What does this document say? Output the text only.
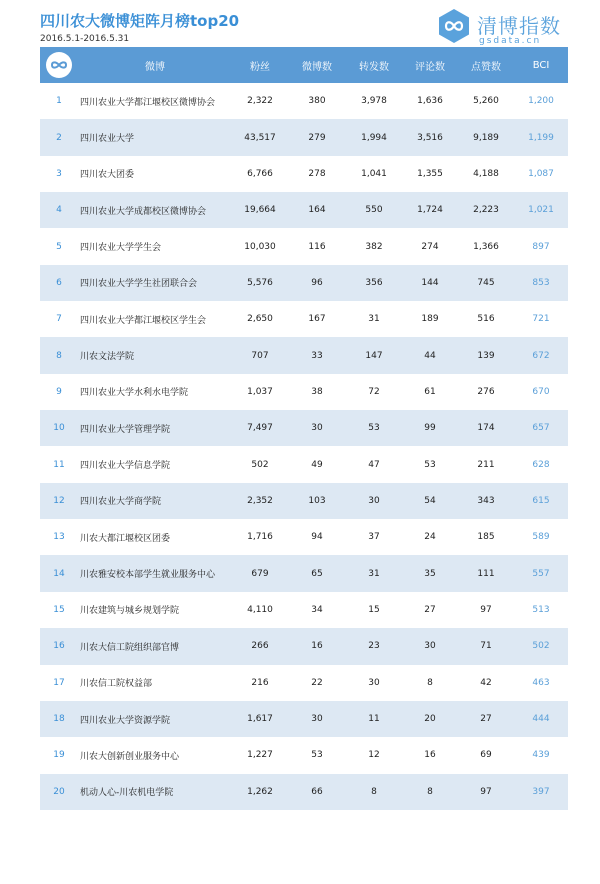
四川农大微博矩阵月榜top20
2016.5.1-2016.5.31
清博指数
gsdata.cn
	微博	粉丝	微博数	转发数	评论数	点赞数	BCI
1	四川农业大学都江堰校区微博协会	2,322	380	3,978	1,636	5,260	1,200
2	四川农业大学	43,517	279	1,994	3,516	9,189	1,199
3	四川农大团委	6,766	278	1,041	1,355	4,188	1,087
4	四川农业大学成都校区微博协会	19,664	164	550	1,724	2,223	1,021
5	四川农业大学学生会	10,030	116	382	274	1,366	897
6	四川农业大学学生社团联合会	5,576	96	356	144	745	853
7	四川农业大学都江堰校区学生会	2,650	167	31	189	516	721
8	川农文法学院	707	33	147	44	139	672
9	四川农业大学水利水电学院	1,037	38	72	61	276	670
10	四川农业大学管理学院	7,497	30	53	99	174	657
11	四川农业大学信息学院	502	49	47	53	211	628
12	四川农业大学商学院	2,352	103	30	54	343	615
13	川农大都江堰校区团委	1,716	94	37	24	185	589
14	川农雅安校本部学生就业服务中心	679	65	31	35	111	557
15	川农建筑与城乡规划学院	4,110	34	15	27	97	513
16	川农大信工院组织部官博	266	16	23	30	71	502
17	川农信工院权益部	216	22	30	8	42	463
18	四川农业大学资源学院	1,617	30	11	20	27	444
19	川农大创新创业服务中心	1,227	53	12	16	69	439
20	机动人心-川农机电学院	1,262	66	8	8	97	397
